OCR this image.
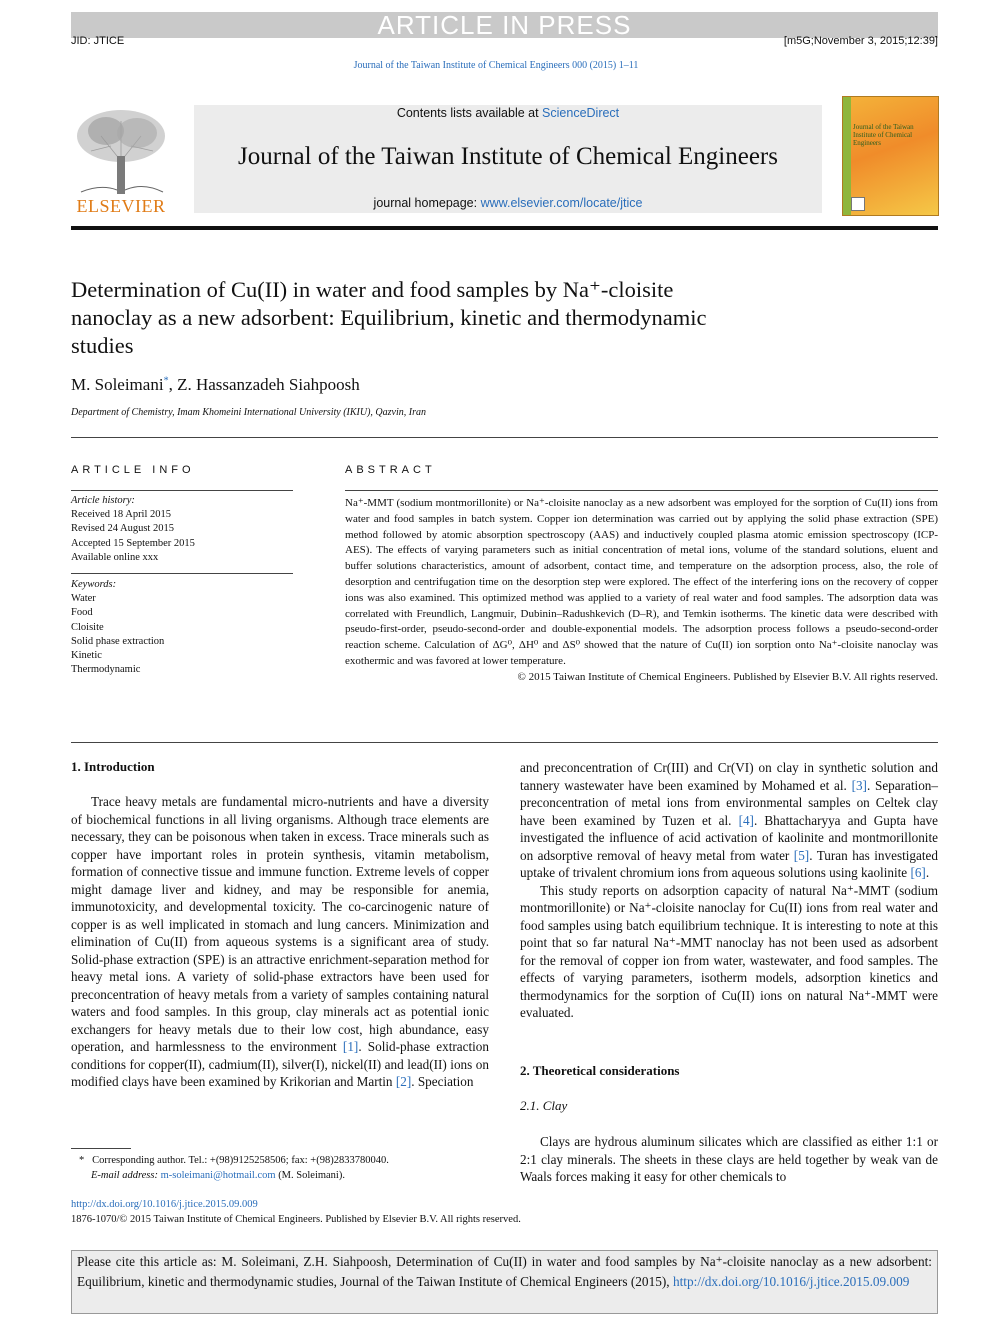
ARTICLE IN PRESS
JID: JTICE	[m5G;November 3, 2015;12:39]
Journal of the Taiwan Institute of Chemical Engineers 000 (2015) 1–11
ELSEVIER
Contents lists available at ScienceDirect
Journal of the Taiwan Institute of Chemical Engineers
journal homepage: www.elsevier.com/locate/jtice
Journal of the Taiwan Institute of Chemical Engineers
Determination of Cu(II) in water and food samples by Na⁺-cloisite
nanoclay as a new adsorbent: Equilibrium, kinetic and thermodynamic
studies
M. Soleimani*, Z. Hassanzadeh Siahpoosh
Department of Chemistry, Imam Khomeini International University (IKIU), Qazvin, Iran
ARTICLE INFO
Article history:
Received 18 April 2015
Revised 24 August 2015
Accepted 15 September 2015
Available online xxx
Keywords:
Water
Food
Cloisite
Solid phase extraction
Kinetic
Thermodynamic
ABSTRACT
Na⁺-MMT (sodium montmorillonite) or Na⁺-cloisite nanoclay as a new adsorbent was employed for the sorption of Cu(II) ions from water and food samples in batch system. Copper ion determination was carried out by applying the solid phase extraction (SPE) method followed by atomic absorption spectroscopy (AAS) and inductively coupled plasma atomic emission spectroscopy (ICP-AES). The effects of varying parameters such as initial concentration of metal ions, volume of the standard solutions, eluent and buffer solutions characteristics, amount of adsorbent, contact time, and temperature on the adsorption process, also, the role of desorption and centrifugation time on the desorption step were explored. The effect of the interfering ions on the recovery of copper ions was also examined. This optimized method was applied to a variety of real water and food samples. The adsorption data was correlated with Freundlich, Langmuir, Dubinin–Radushkevich (D–R), and Temkin isotherms. The kinetic data were described with pseudo-first-order, pseudo-second-order and double-exponential models. The adsorption process follows a pseudo-second-order reaction scheme. Calculation of ΔG⁰, ΔH⁰ and ΔS⁰ showed that the nature of Cu(II) ion sorption onto Na⁺-cloisite nanoclay was exothermic and was favored at lower temperature.
© 2015 Taiwan Institute of Chemical Engineers. Published by Elsevier B.V. All rights reserved.
1. Introduction

Trace heavy metals are fundamental micro-nutrients and have a diversity of biochemical functions in all living organisms. Although trace elements are necessary, they can be poisonous when taken in excess. Trace minerals such as copper have important roles in protein synthesis, vitamin metabolism, formation of connective tissue and immune function. Extreme levels of copper might damage liver and kidney, and may be responsible for anemia, immunotoxicity, and developmental toxicity. The co-carcinogenic nature of copper is as well implicated in stomach and lung cancers. Minimization and elimination of Cu(II) from aqueous systems is a significant area of study. Solid-phase extraction (SPE) is an attractive enrichment-separation method for heavy metal ions. A variety of solid-phase extractors have been used for preconcentration of heavy metals from a variety of samples containing natural waters and food samples. In this group, clay minerals act as potential ionic exchangers for heavy metals due to their low cost, high abundance, easy operation, and harmlessness to the environment [1]. Solid-phase extraction conditions for copper(II), cadmium(II), silver(I), nickel(II) and lead(II) ions on modified clays have been examined by Krikorian and Martin [2]. Speciation

* Corresponding author. Tel.: +(98)9125258506; fax: +(98)2833780040.
E-mail address: m-soleimani@hotmail.com (M. Soleimani).
http://dx.doi.org/10.1016/j.jtice.2015.09.009
1876-1070/© 2015 Taiwan Institute of Chemical Engineers. Published by Elsevier B.V. All rights reserved.

and preconcentration of Cr(III) and Cr(VI) on clay in synthetic solution and tannery wastewater have been examined by Mohamed et al. [3]. Separation–preconcentration of metal ions from environmental samples on Celtek clay have been examined by Tuzen et al. [4]. Bhattacharyya and Gupta have investigated the influence of acid activation of kaolinite and montmorillonite on adsorptive removal of heavy metal from water [5]. Turan has investigated uptake of trivalent chromium ions from aqueous solutions using kaolinite [6].

This study reports on adsorption capacity of natural Na⁺-MMT (sodium montmorillonite) or Na⁺-cloisite nanoclay for Cu(II) ions from real water and food samples using batch equilibrium technique. It is interesting to note at this point that so far natural Na⁺-MMT nanoclay has not been used as adsorbent for the removal of copper ion from water, wastewater, and food samples. The effects of varying parameters, isotherm models, adsorption kinetics and thermodynamics for the sorption of Cu(II) ions on natural Na⁺-MMT were evaluated.

2. Theoretical considerations
2.1. Clay

Clays are hydrous aluminum silicates which are classified as either 1:1 or 2:1 clay minerals. The sheets in these clays are held together by weak van de Waals forces making it easy for other chemicals to

Please cite this article as: M. Soleimani, Z.H. Siahpoosh, Determination of Cu(II) in water and food samples by Na⁺-cloisite nanoclay as a new adsorbent: Equilibrium, kinetic and thermodynamic studies, Journal of the Taiwan Institute of Chemical Engineers (2015), http://dx.doi.org/10.1016/j.jtice.2015.09.009
